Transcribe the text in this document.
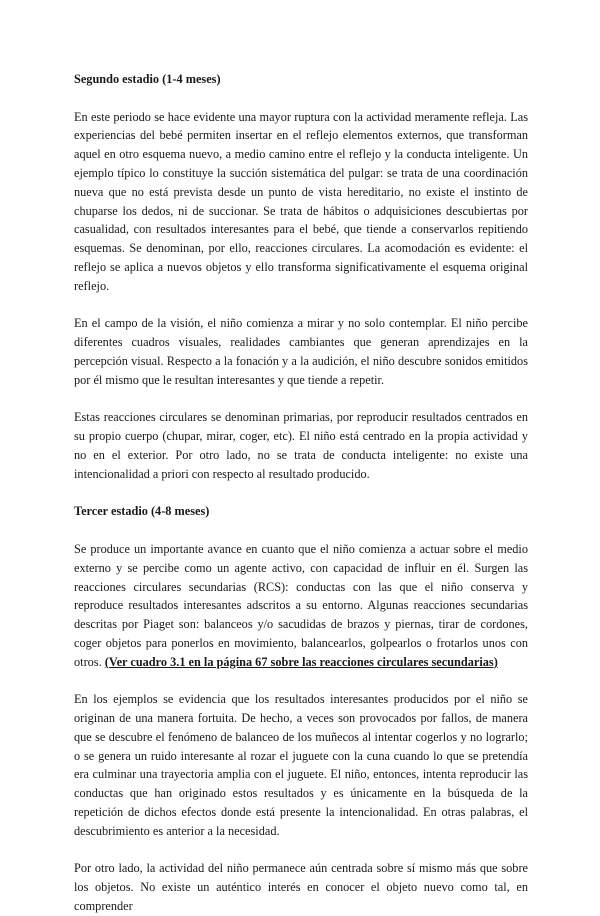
Segundo estadio (1-4 meses)

En este periodo se hace evidente una mayor ruptura con la actividad meramente refleja. Las experiencias del bebé permiten insertar en el reflejo elementos externos, que transforman aquel en otro esquema nuevo, a medio camino entre el reflejo y la conducta inteligente. Un ejemplo típico lo constituye la succión sistemática del pulgar: se trata de una coordinación nueva que no está prevista desde un punto de vista hereditario, no existe el instinto de chuparse los dedos, ni de succionar. Se trata de hábitos o adquisiciones descubiertas por casualidad, con resultados interesantes para el bebé, que tiende a conservarlos repitiendo esquemas. Se denominan, por ello, reacciones circulares. La acomodación es evidente: el reflejo se aplica a nuevos objetos y ello transforma significativamente el esquema original reflejo.

En el campo de la visión, el niño comienza a mirar y no solo contemplar. El niño percibe diferentes cuadros visuales, realidades cambiantes que generan aprendizajes en la percepción visual. Respecto a la fonación y a la audición, el niño descubre sonidos emitidos por él mismo que le resultan interesantes y que tiende a repetir.

Estas reacciones circulares se denominan primarias, por reproducir resultados centrados en su propio cuerpo (chupar, mirar, coger, etc). El niño está centrado en la propia actividad y no en el exterior. Por otro lado, no se trata de conducta inteligente: no existe una intencionalidad a priori con respecto al resultado producido.

Tercer estadio (4-8 meses)

Se produce un importante avance en cuanto que el niño comienza a actuar sobre el medio externo y se percibe como un agente activo, con capacidad de influir en él. Surgen las reacciones circulares secundarias (RCS): conductas con las que el niño conserva y reproduce resultados interesantes adscritos a su entorno. Algunas reacciones secundarias descritas por Piaget son: balanceos y/o sacudidas de brazos y piernas, tirar de cordones, coger objetos para ponerlos en movimiento, balancearlos, golpearlos o frotarlos unos con otros. (Ver cuadro 3.1 en la página 67 sobre las reacciones circulares secundarias)

En los ejemplos se evidencia que los resultados interesantes producidos por el niño se originan de una manera fortuita. De hecho, a veces son provocados por fallos, de manera que se descubre el fenómeno de balanceo de los muñecos al intentar cogerlos y no lograrlo; o se genera un ruido interesante al rozar el juguete con la cuna cuando lo que se pretendía era culminar una trayectoria amplia con el juguete. El niño, entonces, intenta reproducir las conductas que han originado estos resultados y es únicamente en la búsqueda de la repetición de dichos efectos donde está presente la intencionalidad. En otras palabras, el descubrimiento es anterior a la necesidad.

Por otro lado, la actividad del niño permanece aún centrada sobre sí mismo más que sobre los objetos. No existe un auténtico interés en conocer el objeto nuevo como tal, en comprender
